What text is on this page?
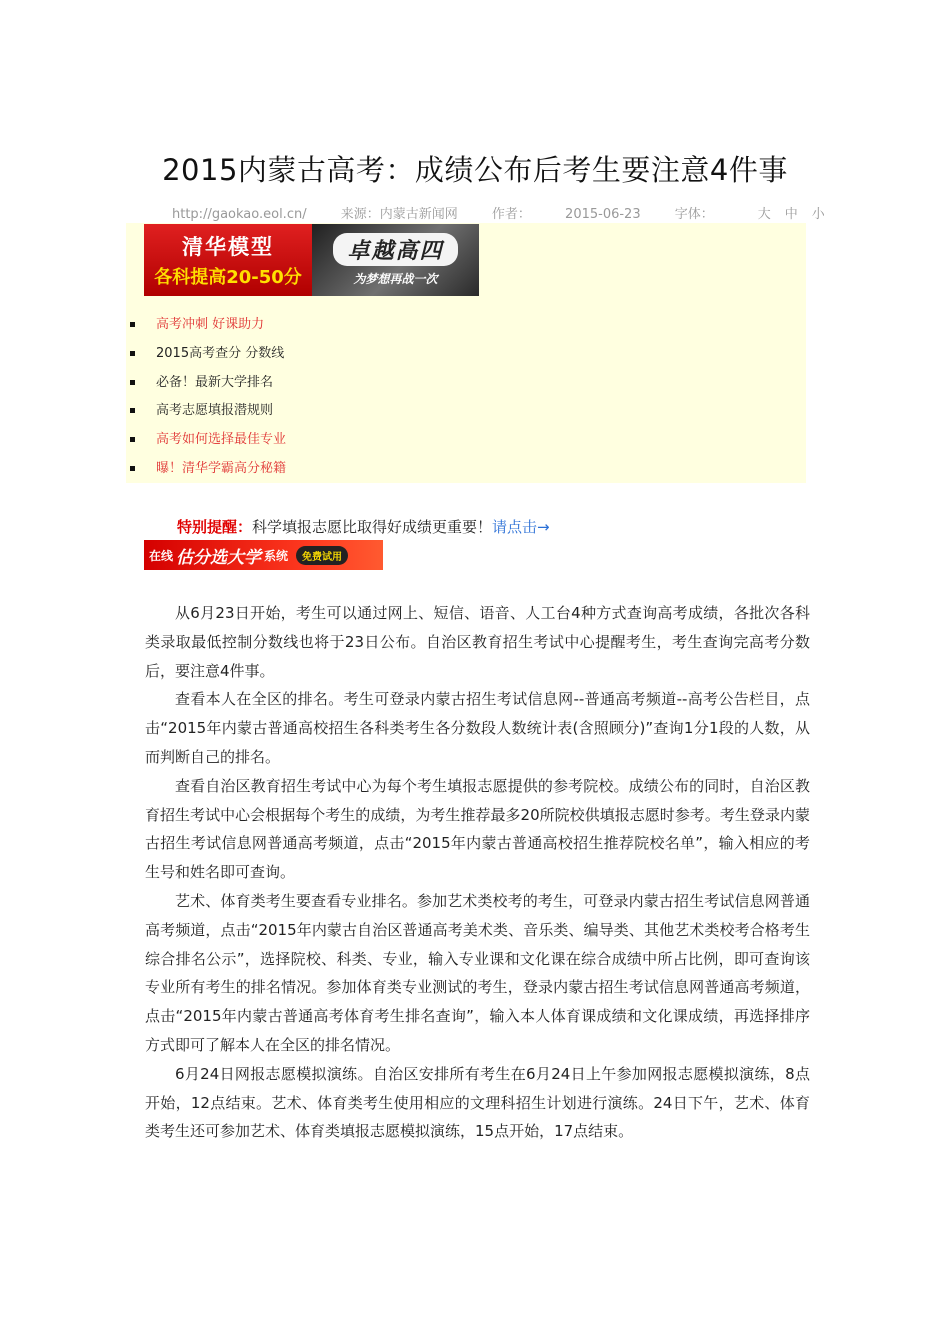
2015内蒙古高考：成绩公布后考生要注意4件事
http://gaokao.eol.cn/	来源：内蒙古新闻网	作者：	2015-06-23	字体：	大 中 小
清华模型
各科提高20-50分
卓越高四
为梦想再战一次
高考冲刺 好课助力
2015高考查分 分数线
必备！最新大学排名
高考志愿填报潜规则
高考如何选择最佳专业
曝！清华学霸高分秘籍
特别提醒：科学填报志愿比取得好成绩更重要！请点击→
在线 估分选大学 系统	免费试用

从6月23日开始，考生可以通过网上、短信、语音、人工台4种方式查询高考成绩，各批次各科类录取最低控制分数线也将于23日公布。自治区教育招生考试中心提醒考生，考生查询完高考分数后，要注意4件事。

查看本人在全区的排名。考生可登录内蒙古招生考试信息网--普通高考频道--高考公告栏目，点击“2015年内蒙古普通高校招生各科类考生各分数段人数统计表(含照顾分)”查询1分1段的人数，从而判断自己的排名。

查看自治区教育招生考试中心为每个考生填报志愿提供的参考院校。成绩公布的同时，自治区教育招生考试中心会根据每个考生的成绩，为考生推荐最多20所院校供填报志愿时参考。考生登录内蒙古招生考试信息网普通高考频道，点击“2015年内蒙古普通高校招生推荐院校名单”，输入相应的考生号和姓名即可查询。

艺术、体育类考生要查看专业排名。参加艺术类校考的考生，可登录内蒙古招生考试信息网普通高考频道，点击“2015年内蒙古自治区普通高考美术类、音乐类、编导类、其他艺术类校考合格考生综合排名公示”，选择院校、科类、专业，输入专业课和文化课在综合成绩中所占比例，即可查询该专业所有考生的排名情况。参加体育类专业测试的考生，登录内蒙古招生考试信息网普通高考频道，点击“2015年内蒙古普通高考体育考生排名查询”，输入本人体育课成绩和文化课成绩，再选择排序方式即可了解本人在全区的排名情况。

6月24日网报志愿模拟演练。自治区安排所有考生在6月24日上午参加网报志愿模拟演练，8点开始，12点结束。艺术、体育类考生使用相应的文理科招生计划进行演练。24日下午，艺术、体育类考生还可参加艺术、体育类填报志愿模拟演练，15点开始，17点结束。
